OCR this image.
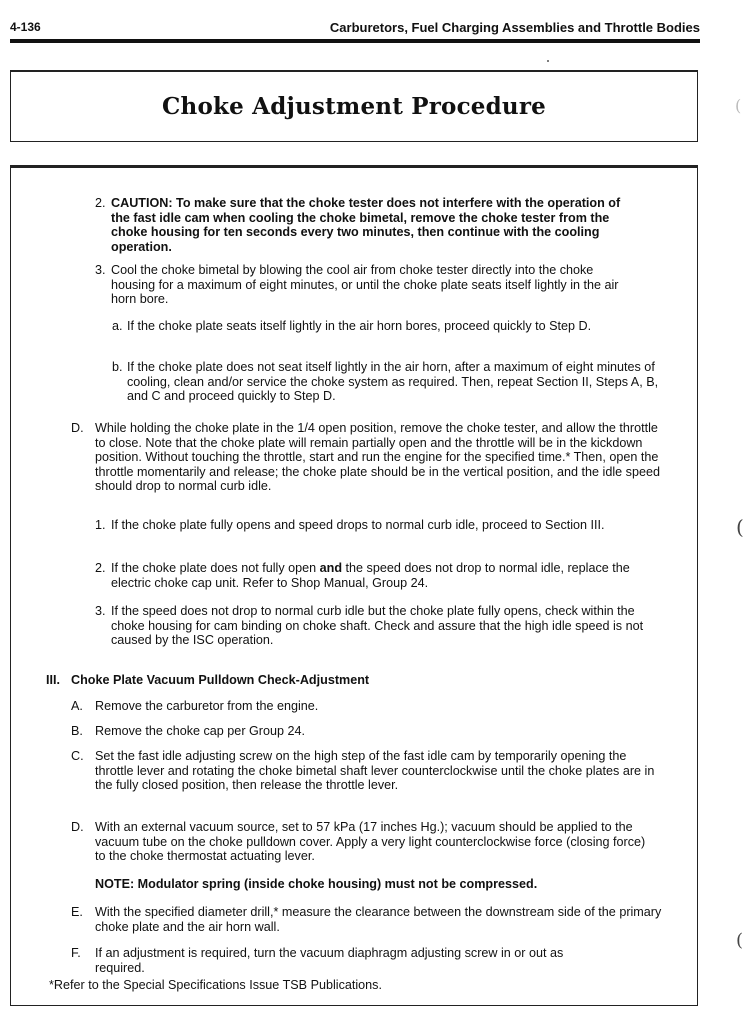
4-136	Carburetors, Fuel Charging Assemblies and Throttle Bodies
Choke Adjustment Procedure
2. CAUTION: To make sure that the choke tester does not interfere with the operation of the fast idle cam when cooling the choke bimetal, remove the choke tester from the choke housing for ten seconds every two minutes, then continue with the cooling operation.

3. Cool the choke bimetal by blowing the cool air from choke tester directly into the choke housing for a maximum of eight minutes, or until the choke plate seats itself lightly in the air horn bore.

a. If the choke plate seats itself lightly in the air horn bores, proceed quickly to Step D.

b. If the choke plate does not seat itself lightly in the air horn, after a maximum of eight minutes of cooling, clean and/or service the choke system as required. Then, repeat Section II, Steps A, B, and C and proceed quickly to Step D.

D. While holding the choke plate in the 1/4 open position, remove the choke tester, and allow the throttle to close. Note that the choke plate will remain partially open and the throttle will be in the kickdown position. Without touching the throttle, start and run the engine for the specified time.* Then, open the throttle momentarily and release; the choke plate should be in the vertical position, and the idle speed should drop to normal curb idle.

1. If the choke plate fully opens and speed drops to normal curb idle, proceed to Section III.

2. If the choke plate does not fully open and the speed does not drop to normal idle, replace the electric choke cap unit. Refer to Shop Manual, Group 24.

3. If the speed does not drop to normal curb idle but the choke plate fully opens, check within the choke housing for cam binding on choke shaft. Check and assure that the high idle speed is not caused by the ISC operation.

III. Choke Plate Vacuum Pulldown Check-Adjustment

A. Remove the carburetor from the engine.

B. Remove the choke cap per Group 24.

C. Set the fast idle adjusting screw on the high step of the fast idle cam by temporarily opening the throttle lever and rotating the choke bimetal shaft lever counterclockwise until the choke plates are in the fully closed position, then release the throttle lever.

D. With an external vacuum source, set to 57 kPa (17 inches Hg.); vacuum should be applied to the vacuum tube on the choke pulldown cover. Apply a very light counterclockwise force (closing force) to the choke thermostat actuating lever.

NOTE: Modulator spring (inside choke housing) must not be compressed.

E. With the specified diameter drill,* measure the clearance between the downstream side of the primary choke plate and the air horn wall.

F. If an adjustment is required, turn the vacuum diaphragm adjusting screw in or out as required.

*Refer to the Special Specifications Issue TSB Publications.

(
(
(
